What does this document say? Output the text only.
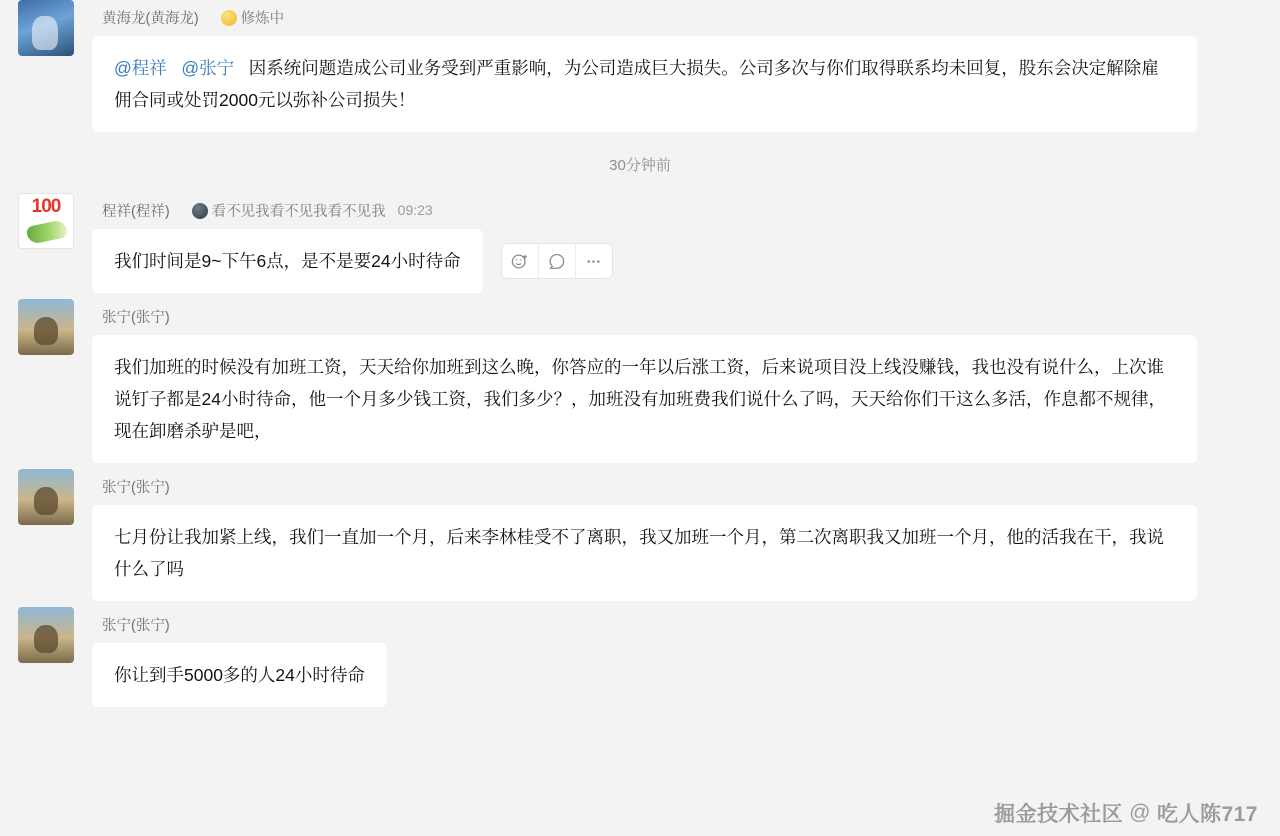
黄海龙(黄海龙)	修炼中
@程祥 @张宁 因系统问题造成公司业务受到严重影响，为公司造成巨大损失。公司多次与你们取得联系均未回复，股东会决定解除雇佣合同或处罚2000元以弥补公司损失！
30分钟前
100	程祥(程祥)	看不见我看不见我看不见我 09:23
我们时间是9~下午6点，是不是要24小时待命
张宁(张宁)
我们加班的时候没有加班工资，天天给你加班到这么晚，你答应的一年以后涨工资，后来说项目没上线没赚钱，我也没有说什么，上次谁说钉子都是24小时待命，他一个月多少钱工资，我们多少？，加班没有加班费我们说什么了吗，天天给你们干这么多活，作息都不规律，现在卸磨杀驴是吧，
张宁(张宁)
七月份让我加紧上线，我们一直加一个月，后来李林桂受不了离职，我又加班一个月，第二次离职我又加班一个月，他的活我在干，我说什么了吗
张宁(张宁)
你让到手5000多的人24小时待命
掘金技术社区 @ 吃人陈717
